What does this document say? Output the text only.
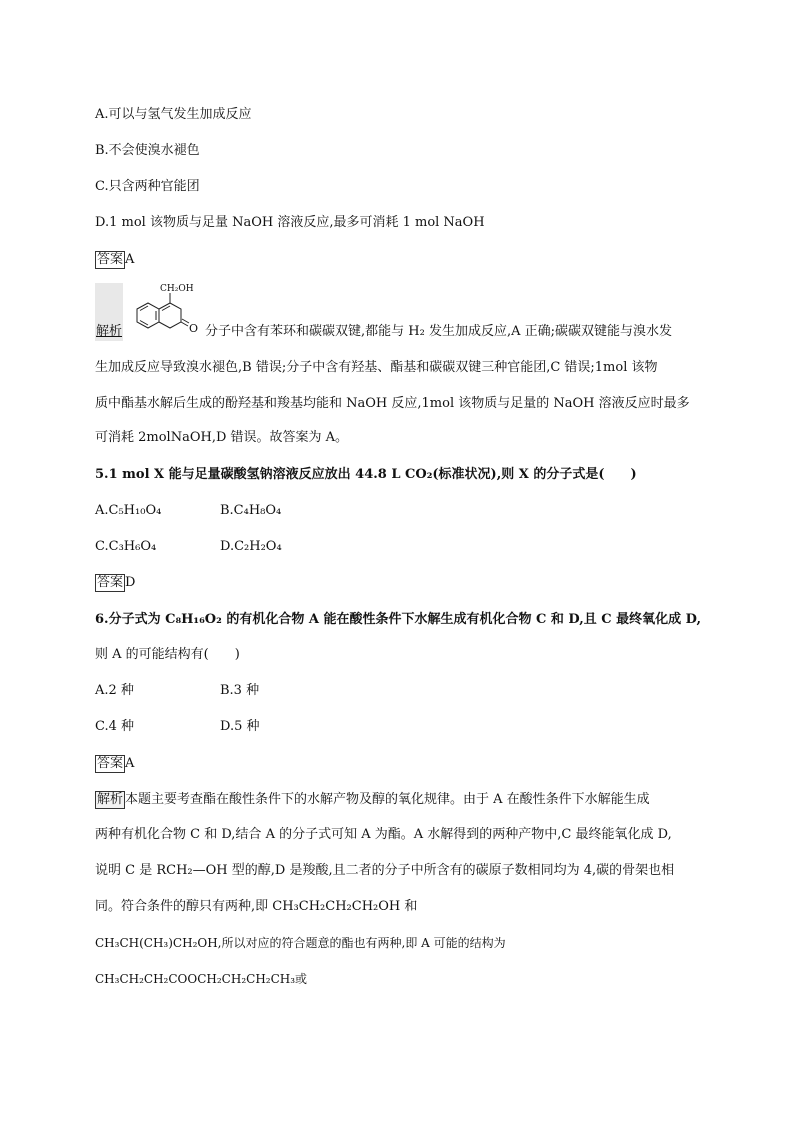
A.可以与氢气发生加成反应
B.不会使溴水褪色
C.只含两种官能团
D.1 mol 该物质与足量 NaOH 溶液反应,最多可消耗 1 mol NaOH
答案 A
CH₂OH
O
解析	分子中含有苯环和碳碳双键,都能与 H₂ 发生加成反应,A 正确;碳碳双键能与溴水发
生加成反应导致溴水褪色,B 错误;分子中含有羟基、酯基和碳碳双键三种官能团,C 错误;1mol 该物
质中酯基水解后生成的酚羟基和羧基均能和 NaOH 反应,1mol 该物质与足量的 NaOH 溶液反应时最多
可消耗 2molNaOH,D 错误。故答案为 A。
5.1 mol X 能与足量碳酸氢钠溶液反应放出 44.8 L CO₂(标准状况),则 X 的分子式是(　　)
A.C₅H₁₀O₄	B.C₄H₈O₄
C.C₃H₆O₄	D.C₂H₂O₄
答案 D
6.分子式为 C₈H₁₆O₂ 的有机化合物 A 能在酸性条件下水解生成有机化合物 C 和 D,且 C 最终氧化成 D,
则 A 的可能结构有(　　)
A.2 种	B.3 种
C.4 种	D.5 种
答案 A
解析 本题主要考查酯在酸性条件下的水解产物及醇的氧化规律。由于 A 在酸性条件下水解能生成
两种有机化合物 C 和 D,结合 A 的分子式可知 A 为酯。A 水解得到的两种产物中,C 最终能氧化成 D,
说明 C 是 RCH₂—OH 型的醇,D 是羧酸,且二者的分子中所含有的碳原子数相同均为 4,碳的骨架也相
同。符合条件的醇只有两种,即 CH₃CH₂CH₂CH₂OH 和
CH₃CH(CH₃)CH₂OH,所以对应的符合题意的酯也有两种,即 A 可能的结构为
CH₃CH₂CH₂COOCH₂CH₂CH₂CH₃或
